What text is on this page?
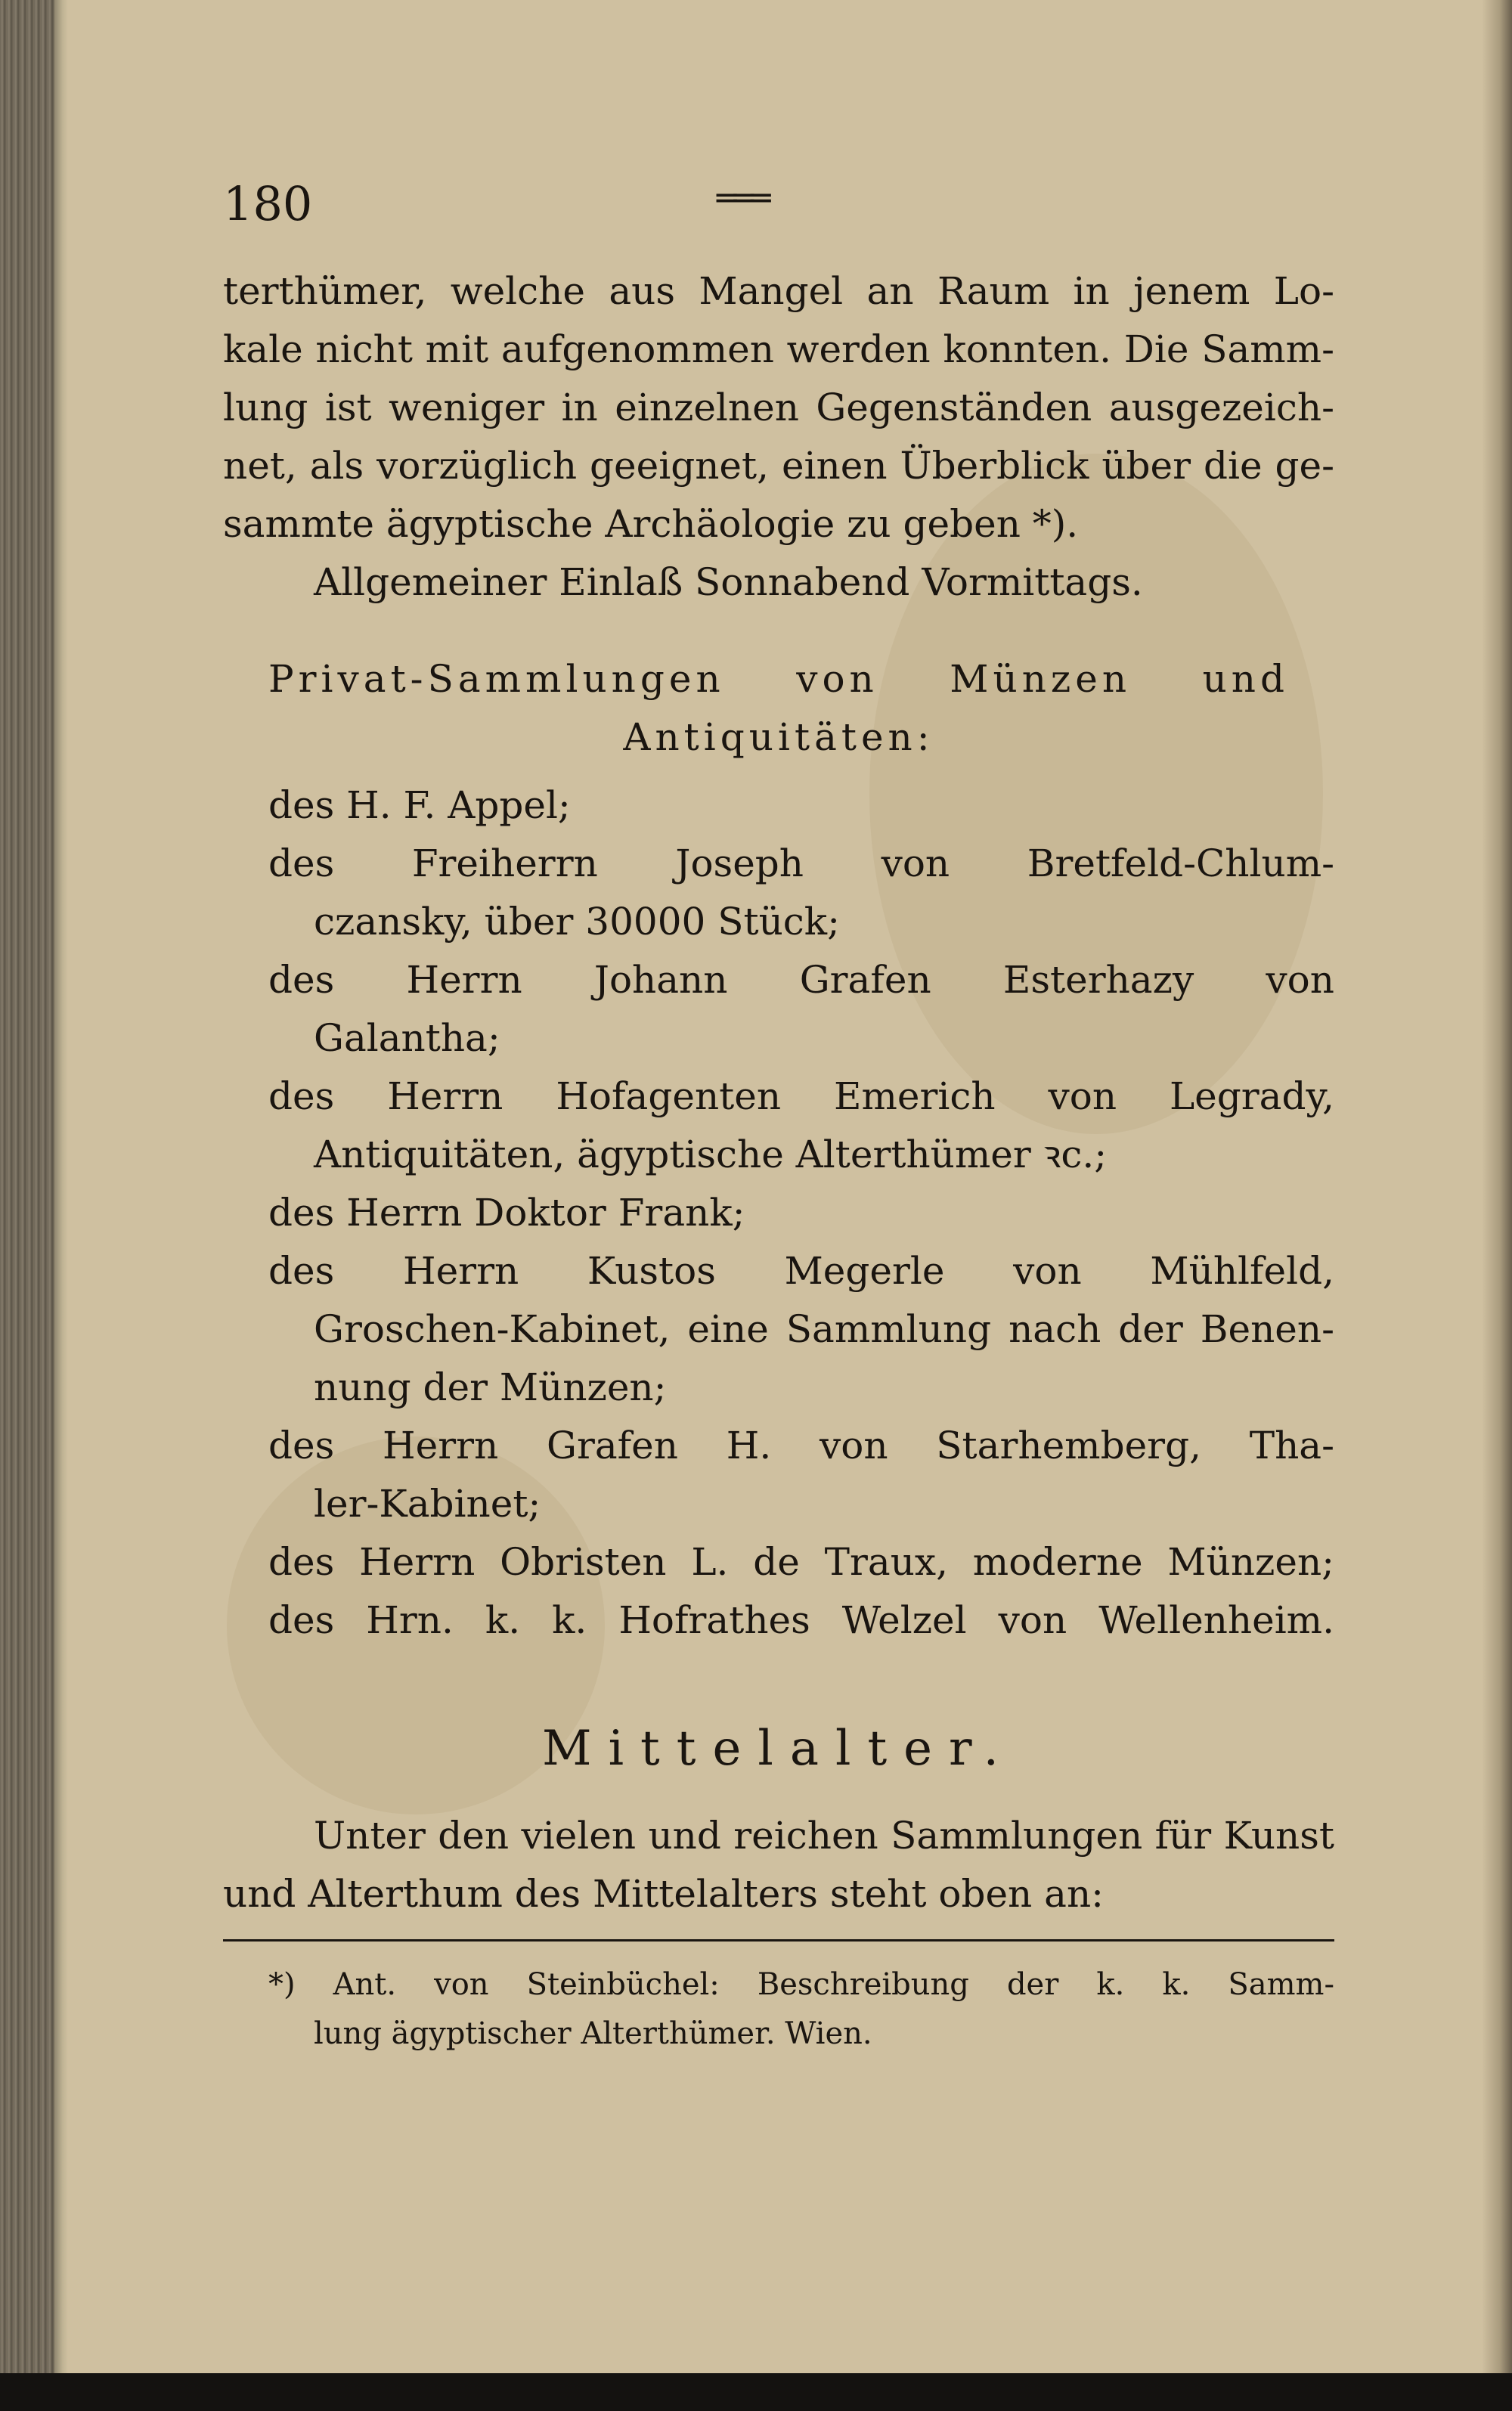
180	═══
terthümer, welche aus Mangel an Raum in jenem Lo-
kale nicht mit aufgenommen werden konnten. Die Samm-
lung ist weniger in einzelnen Gegenständen ausgezeich-
net, als vorzüglich geeignet, einen Überblick über die ge-
sammte ägyptische Archäologie zu geben *).
Allgemeiner Einlaß Sonnabend Vormittags.
Privat-Sammlungen von Münzen und
Antiquitäten:
des H. F. Appel;
des Freiherrn Joseph von Bretfeld-Chlum-
czansky, über 30000 Stück;
des Herrn Johann Grafen Esterhazy von
Galantha;
des Herrn Hofagenten Emerich von Legrady,
Antiquitäten, ägyptische Alterthümer ꝛc.;
des Herrn Doktor Frank;
des Herrn Kustos Megerle von Mühlfeld,
Groschen-Kabinet, eine Sammlung nach der Benen-
nung der Münzen;
des Herrn Grafen H. von Starhemberg, Tha-
ler-Kabinet;
des Herrn Obristen L. de Traux, moderne Münzen;
des Hrn. k. k. Hofrathes Welzel von Wellenheim.
Mittelalter.
Unter den vielen und reichen Sammlungen für Kunst
und Alterthum des Mittelalters steht oben an:
*) Ant. von Steinbüchel: Beschreibung der k. k. Samm-
lung ägyptischer Alterthümer. Wien.
